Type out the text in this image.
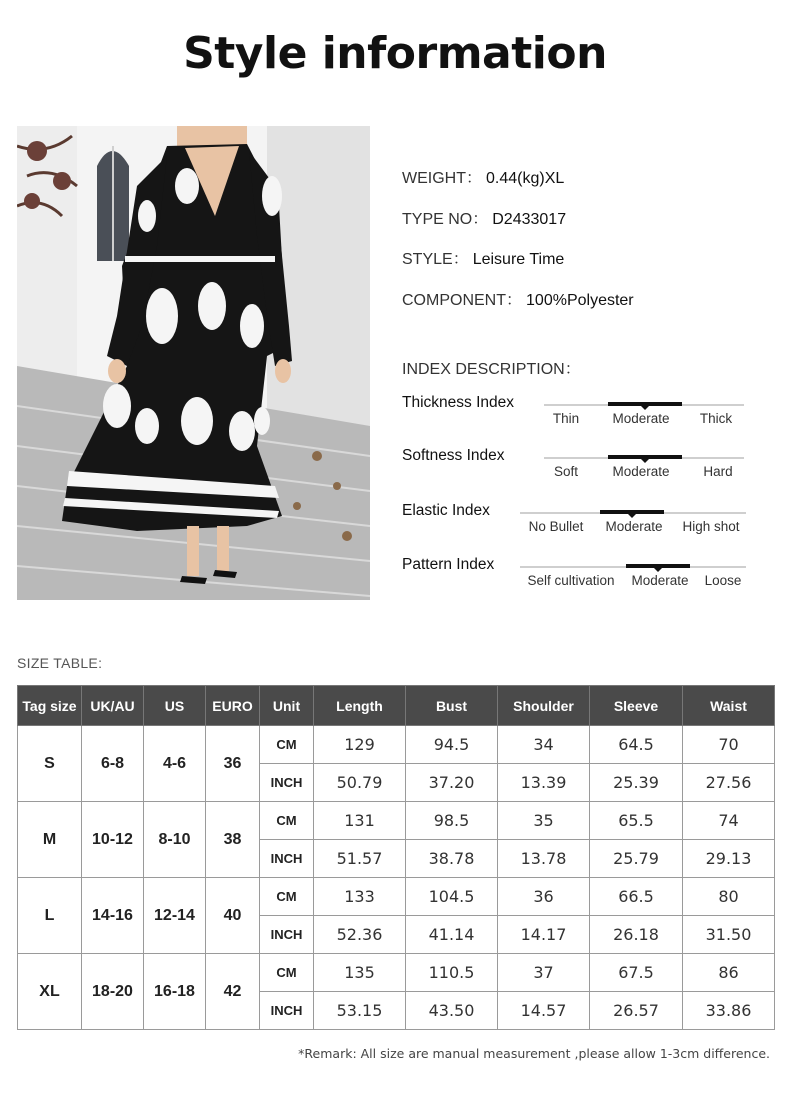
Style information
WEIGHT： 0.44(kg)XL
TYPE NO： D2433017
STYLE： Leisure Time
COMPONENT： 100%Polyester
INDEX DESCRIPTION：
Thickness Index
Thin Moderate Thick
Softness Index
Soft	Moderate	Hard
Elastic Index
No Bullet Moderate High shot
Pattern Index
Self cultivation Moderate Loose
SIZE TABLE:
Tag size	UK/AU	US	EURO	Unit	Length	Bust	Shoulder	Sleeve	Waist
S	6-8	4-6	36	CM	129	94.5	34	64.5	70
				INCH	50.79	37.20	13.39	25.39	27.56
M	10-12	8-10	38	CM	131	98.5	35	65.5	74
				INCH	51.57	38.78	13.78	25.79	29.13
L	14-16	12-14	40	CM	133	104.5	36	66.5	80
				INCH	52.36	41.14	14.17	26.18	31.50
XL	18-20	16-18	42	CM	135	110.5	37	67.5	86
				INCH	53.15	43.50	14.57	26.57	33.86
*Remark: All size are manual measurement ,please allow 1-3cm difference.
